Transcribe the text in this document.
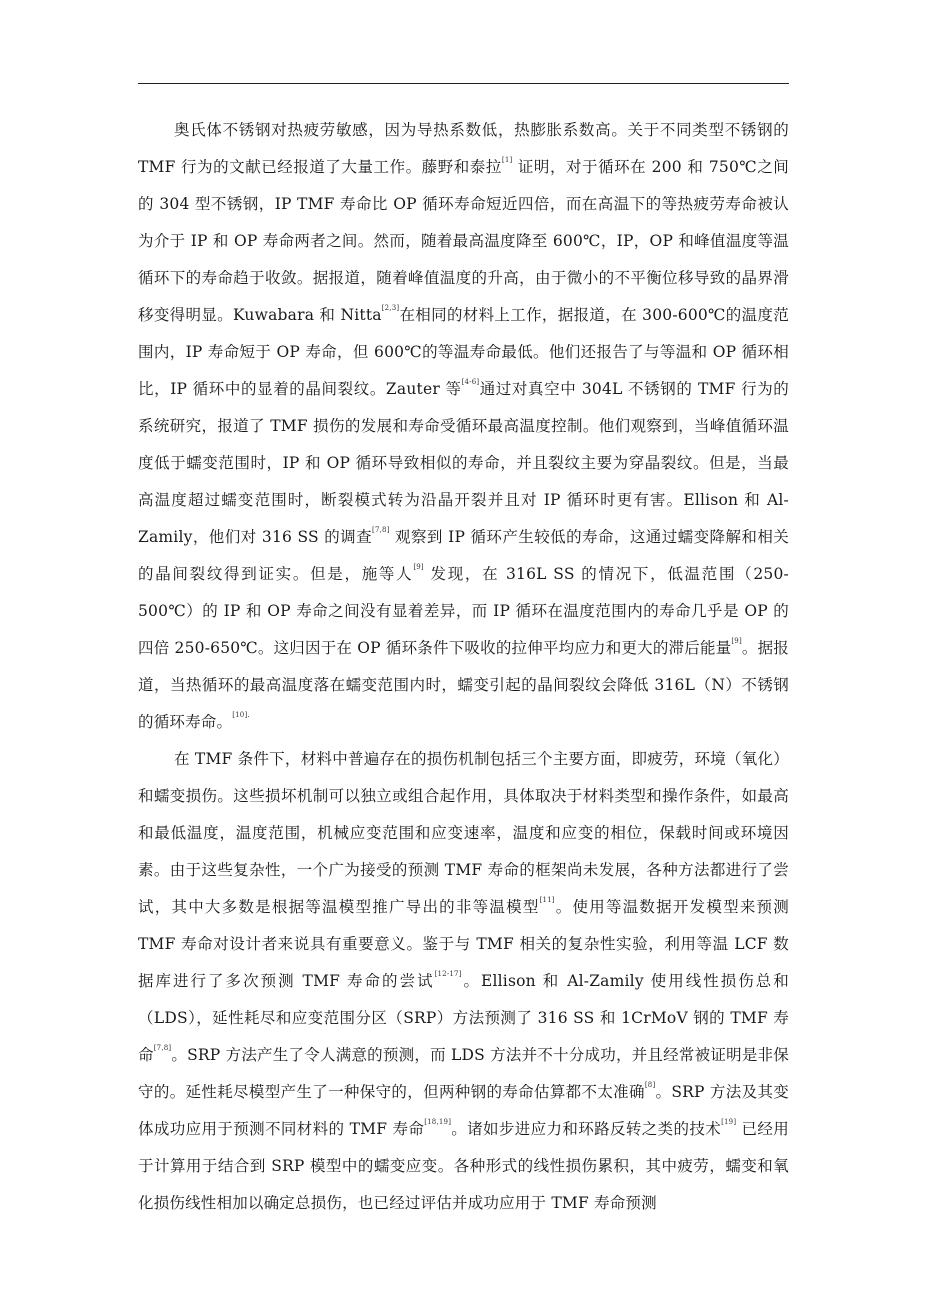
奥氏体不锈钢对热疲劳敏感，因为导热系数低，热膨胀系数高。关于不同类型不锈钢的 TMF 行为的文献已经报道了大量工作。藤野和泰拉[1] 证明，对于循环在 200 和 750℃之间的 304 型不锈钢，IP TMF 寿命比 OP 循环寿命短近四倍，而在高温下的等热疲劳寿命被认为介于 IP 和 OP 寿命两者之间。然而，随着最高温度降至 600℃，IP，OP 和峰值温度等温循环下的寿命趋于收敛。据报道，随着峰值温度的升高，由于微小的不平衡位移导致的晶界滑移变得明显。Kuwabara 和 Nitta[2,3]在相同的材料上工作，据报道，在 300-600℃的温度范围内，IP 寿命短于 OP 寿命，但 600℃的等温寿命最低。他们还报告了与等温和 OP 循环相比，IP 循环中的显着的晶间裂纹。Zauter 等[4-6]通过对真空中 304L 不锈钢的 TMF 行为的系统研究，报道了 TMF 损伤的发展和寿命受循环最高温度控制。他们观察到，当峰值循环温度低于蠕变范围时，IP 和 OP 循环导致相似的寿命，并且裂纹主要为穿晶裂纹。但是，当最高温度超过蠕变范围时，断裂模式转为沿晶开裂并且对 IP 循环时更有害。Ellison 和 Al-Zamily，他们对 316 SS 的调查[7,8] 观察到 IP 循环产生较低的寿命，这通过蠕变降解和相关的晶间裂纹得到证实。但是，施等人[9] 发现，在 316L SS 的情况下，低温范围（250-500℃）的 IP 和 OP 寿命之间没有显着差异，而 IP 循环在温度范围内的寿命几乎是 OP 的四倍 250-650℃。这归因于在 OP 循环条件下吸收的拉伸平均应力和更大的滞后能量[9]。据报道，当热循环的最高温度落在蠕变范围内时，蠕变引起的晶间裂纹会降低 316L（N）不锈钢的循环寿命。$^{[10].}$

在 TMF 条件下，材料中普遍存在的损伤机制包括三个主要方面，即疲劳，环境（氧化）和蠕变损伤。这些损坏机制可以独立或组合起作用，具体取决于材料类型和操作条件，如最高和最低温度，温度范围，机械应变范围和应变速率，温度和应变的相位，保载时间或环境因素。由于这些复杂性，一个广为接受的预测 TMF 寿命的框架尚未发展，各种方法都进行了尝试，其中大多数是根据等温模型推广导出的非等温模型[11]。使用等温数据开发模型来预测 TMF 寿命对设计者来说具有重要意义。鉴于与 TMF 相关的复杂性实验，利用等温 LCF 数据库进行了多次预测 TMF 寿命的尝试[12-17]。Ellison 和 Al-Zamily 使用线性损伤总和（LDS），延性耗尽和应变范围分区（SRP）方法预测了 316 SS 和 1CrMoV 钢的 TMF 寿命[7,8]。SRP 方法产生了令人满意的预测，而 LDS 方法并不十分成功，并且经常被证明是非保守的。延性耗尽模型产生了一种保守的，但两种钢的寿命估算都不太准确[8]。SRP 方法及其变体成功应用于预测不同材料的 TMF 寿命[18,19]。诸如步进应力和环路反转之类的技术[19] 已经用于计算用于结合到 SRP 模型中的蠕变应变。各种形式的线性损伤累积，其中疲劳，蠕变和氧化损伤线性相加以确定总损伤，也已经过评估并成功应用于 TMF 寿命预测
